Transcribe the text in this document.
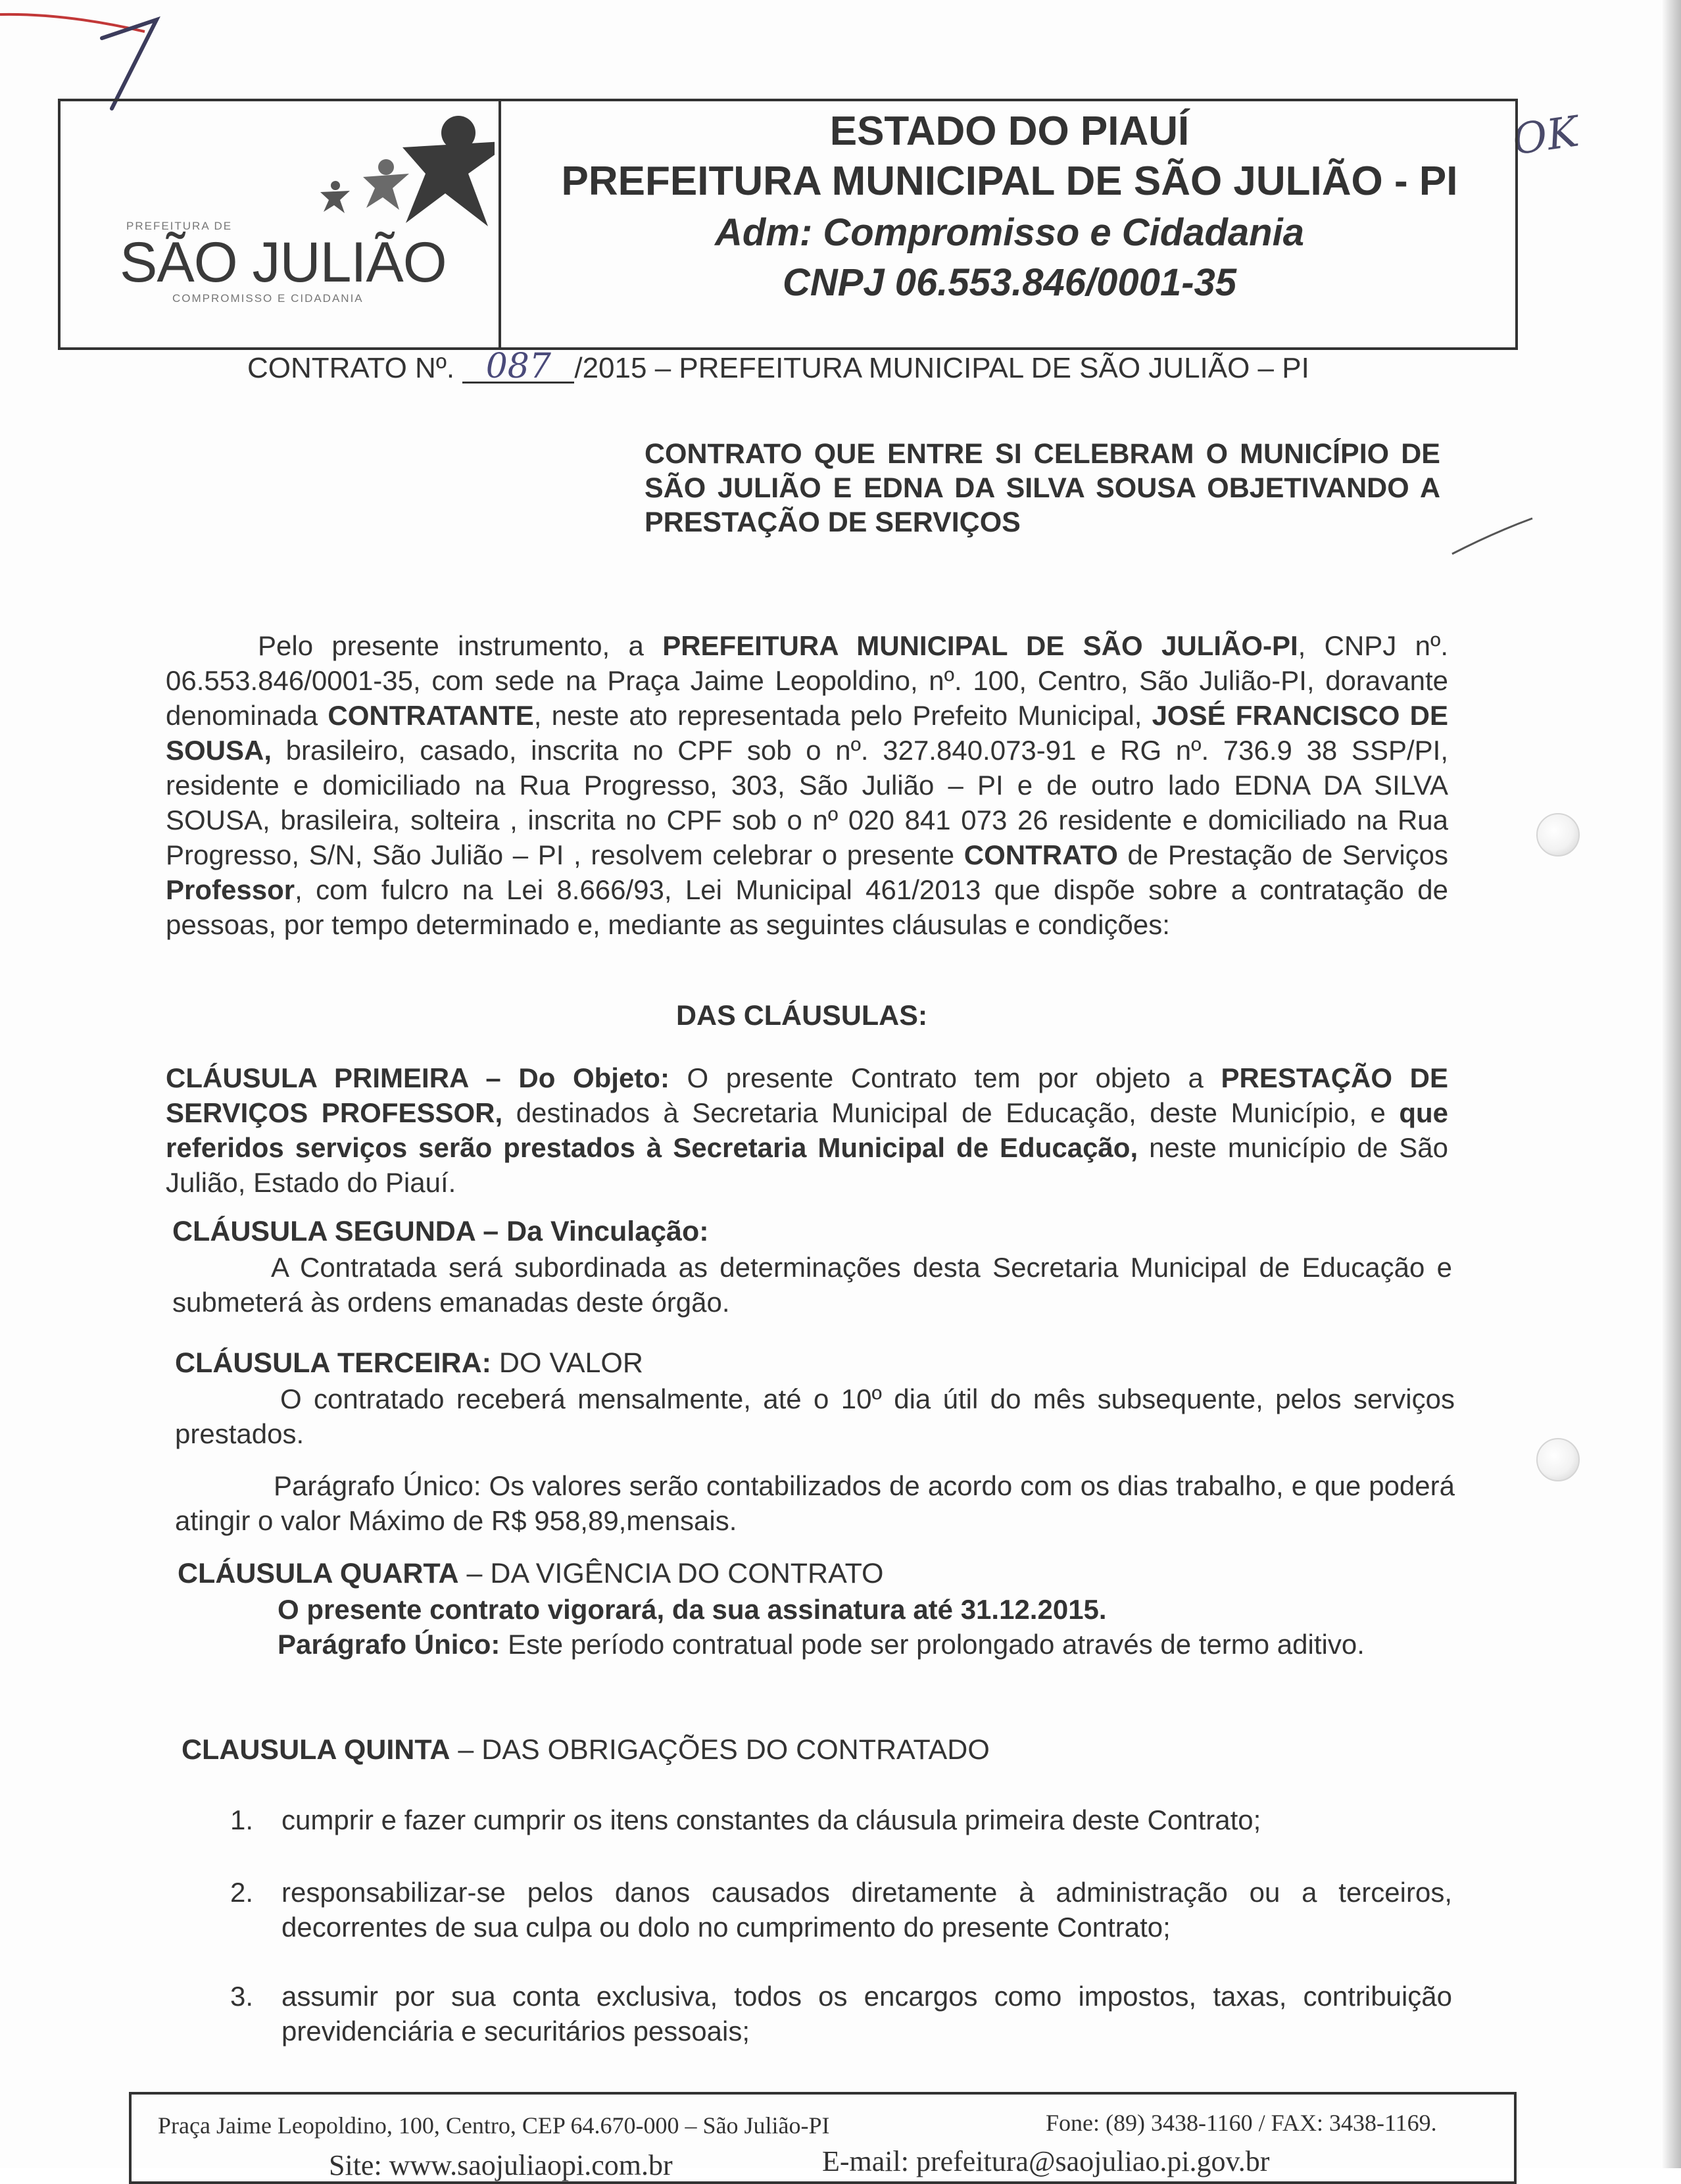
OK
PREFEITURA DE
SÃO JULIÃO
COMPROMISSO E CIDADANIA
ESTADO DO PIAUÍ
PREFEITURA MUNICIPAL DE SÃO JULIÃO - PI
Adm: Compromisso e Cidadania
CNPJ 06.553.846/0001-35
CONTRATO Nº. 087 /2015 – PREFEITURA MUNICIPAL DE SÃO JULIÃO – PI
CONTRATO QUE ENTRE SI CELEBRAM O MUNICÍPIO DE SÃO JULIÃO E EDNA DA SILVA SOUSA OBJETIVANDO A PRESTAÇÃO DE SERVIÇOS

Pelo presente instrumento, a PREFEITURA MUNICIPAL DE SÃO JULIÃO-PI, CNPJ nº. 06.553.846/0001-35, com sede na Praça Jaime Leopoldino, nº. 100, Centro, São Julião-PI, doravante denominada CONTRATANTE, neste ato representada pelo Prefeito Municipal, JOSÉ FRANCISCO DE SOUSA, brasileiro, casado, inscrita no CPF sob o nº. 327.840.073-91 e RG nº. 736.9 38 SSP/PI, residente e domiciliado na Rua Progresso, 303, São Julião – PI e de outro lado EDNA DA SILVA SOUSA, brasileira, solteira , inscrita no CPF sob o nº 020 841 073 26 residente e domiciliado na Rua Progresso, S/N, São Julião – PI , resolvem celebrar o presente CONTRATO de Prestação de Serviços Professor, com fulcro na Lei 8.666/93, Lei Municipal 461/2013 que dispõe sobre a contratação de pessoas, por tempo determinado e, mediante as seguintes cláusulas e condições:

DAS CLÁUSULAS:

CLÁUSULA PRIMEIRA – Do Objeto: O presente Contrato tem por objeto a PRESTAÇÃO DE SERVIÇOS PROFESSOR, destinados à Secretaria Municipal de Educação, deste Município, e que referidos serviços serão prestados à Secretaria Municipal de Educação, neste município de São Julião, Estado do Piauí.

CLÁUSULA SEGUNDA – Da Vinculação:

A Contratada será subordinada as determinações desta Secretaria Municipal de Educação e submeterá às ordens emanadas deste órgão.

CLÁUSULA TERCEIRA: DO VALOR

O contratado receberá mensalmente, até o 10º dia útil do mês subsequente, pelos serviços prestados.

Parágrafo Único: Os valores serão contabilizados de acordo com os dias trabalho, e que poderá atingir o valor Máximo de R$ 958,89,mensais.

CLÁUSULA QUARTA – DA VIGÊNCIA DO CONTRATO

O presente contrato vigorará, da sua assinatura até 31.12.2015.

Parágrafo Único: Este período contratual pode ser prolongado através de termo aditivo.

CLAUSULA QUINTA – DAS OBRIGAÇÕES DO CONTRATADO
1.	cumprir e fazer cumprir os itens constantes da cláusula primeira deste Contrato;
2.	responsabilizar-se pelos danos causados diretamente à administração ou a terceiros, decorrentes de sua culpa ou dolo no cumprimento do presente Contrato;
3.	assumir por sua conta exclusiva, todos os encargos como impostos, taxas, contribuição previdenciária e securitários pessoais;
Praça Jaime Leopoldino, 100, Centro, CEP 64.670-000 – São Julião-PI	Fone: (89) 3438-1160 / FAX: 3438-1169.
Site: www.saojuliaopi.com.br	E-mail: prefeitura@saojuliao.pi.gov.br
